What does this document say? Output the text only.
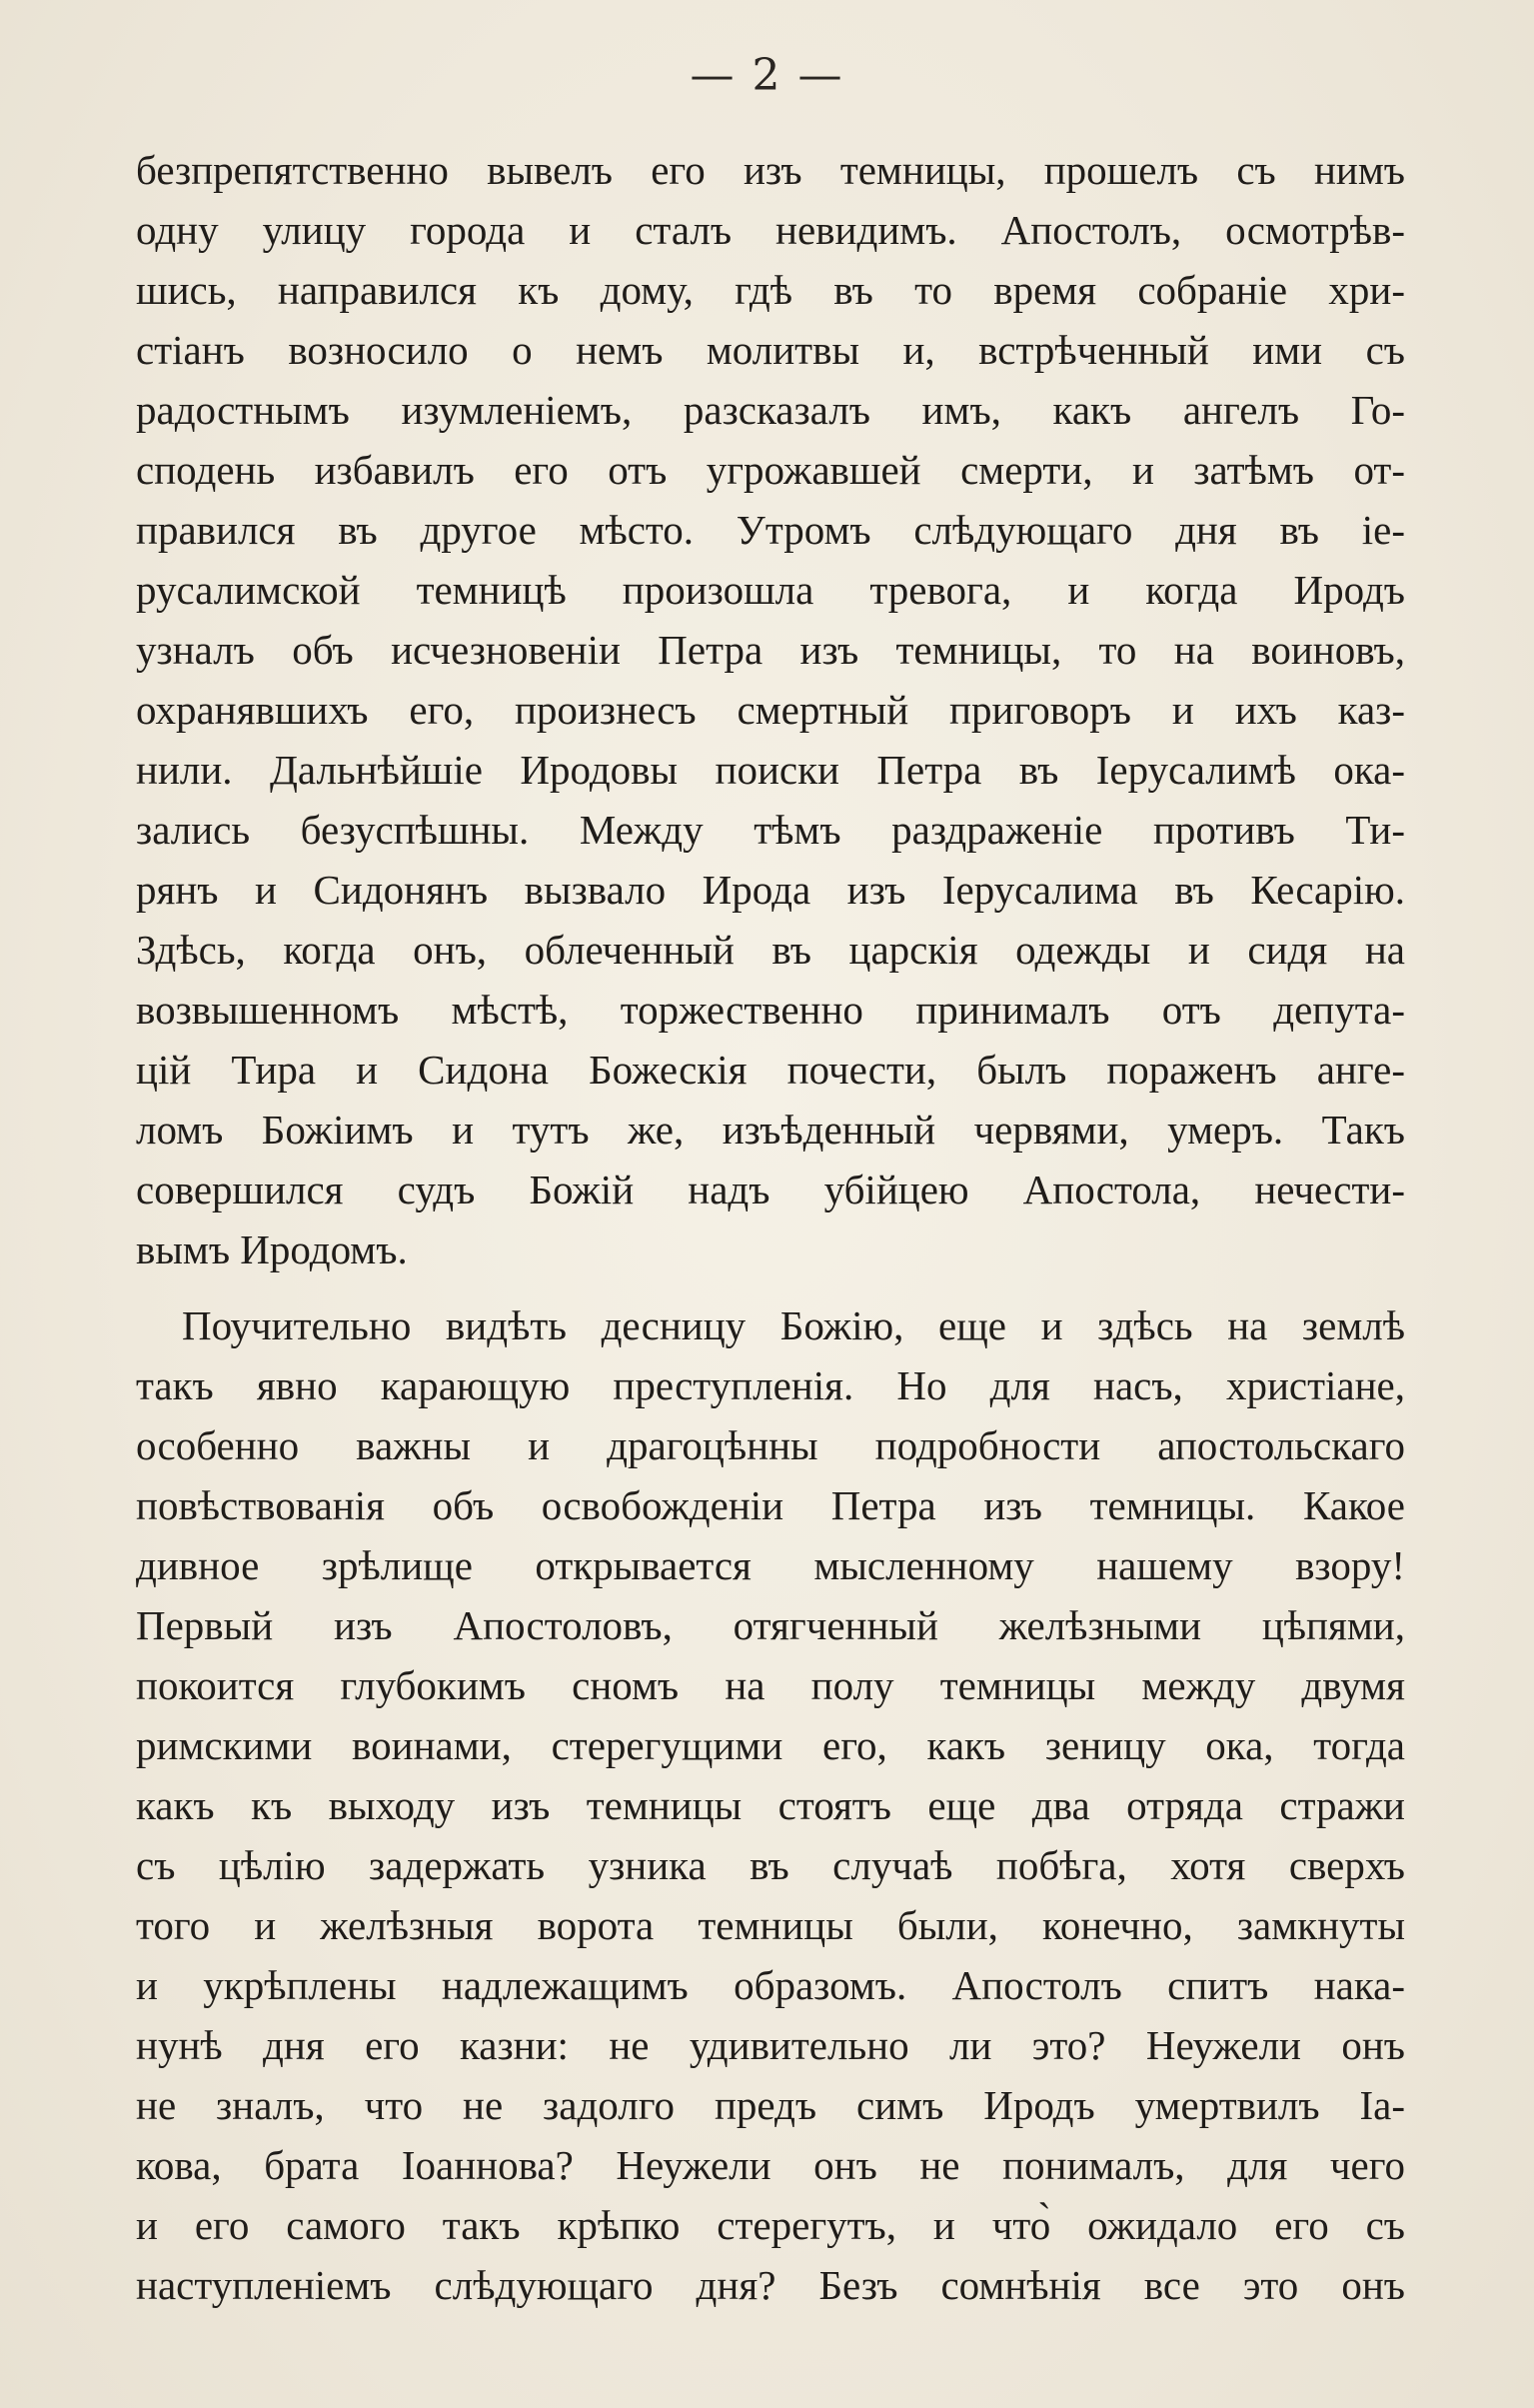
— 2 —
безпрепятственно вывелъ его изъ темницы, прошелъ съ нимъ
одну улицу города и сталъ невидимъ. Апостолъ, осмотрѣв-
шись, направился къ дому, гдѣ въ то время собраніе хри-
стіанъ возносило о немъ молитвы и, встрѣченный ими съ
радостнымъ изумленіемъ, разсказалъ имъ, какъ ангелъ Го-
сподень избавилъ его отъ угрожавшей смерти, и затѣмъ от-
правился въ другое мѣсто. Утромъ слѣдующаго дня въ іе-
русалимской темницѣ произошла тревога, и когда Иродъ
узналъ объ исчезновеніи Петра изъ темницы, то на воиновъ,
охранявшихъ его, произнесъ смертный приговоръ и ихъ каз-
нили. Дальнѣйшіе Иродовы поиски Петра въ Іерусалимѣ ока-
зались безуспѣшны. Между тѣмъ раздраженіе противъ Ти-
рянъ и Сидонянъ вызвало Ирода изъ Іерусалима въ Кесарію.
Здѣсь, когда онъ, облеченный въ царскія одежды и сидя на
возвышенномъ мѣстѣ, торжественно принималъ отъ депута-
цій Тира и Сидона Божескія почести, былъ пораженъ анге-
ломъ Божіимъ и тутъ же, изъѣденный червями, умеръ. Такъ
совершился судъ Божій надъ убійцею Апостола, нечести-
вымъ Иродомъ.
Поучительно видѣть десницу Божію, еще и здѣсь на землѣ
такъ явно карающую преступленія. Но для насъ, христіане,
особенно важны и драгоцѣнны подробности апостольскаго
повѣствованія объ освобожденіи Петра изъ темницы. Какое
дивное зрѣлище открывается мысленному нашему взору!
Первый изъ Апостоловъ, отягченный желѣзными цѣпями,
покоится глубокимъ сномъ на полу темницы между двумя
римскими воинами, стерегущими его, какъ зеницу ока, тогда
какъ къ выходу изъ темницы стоятъ еще два отряда стражи
съ цѣлію задержать узника въ случаѣ побѣга, хотя сверхъ
того и желѣзныя ворота темницы были, конечно, замкнуты
и укрѣплены надлежащимъ образомъ. Апостолъ спитъ нака-
нунѣ дня его казни: не удивительно ли это? Неужели онъ
не зналъ, что не задолго предъ симъ Иродъ умертвилъ Іа-
кова, брата Іоаннова? Неужели онъ не понималъ, для чего
и его самого такъ крѣпко стерегутъ, и что̀ ожидало его съ
наступленіемъ слѣдующаго дня? Безъ сомнѣнія все это онъ
